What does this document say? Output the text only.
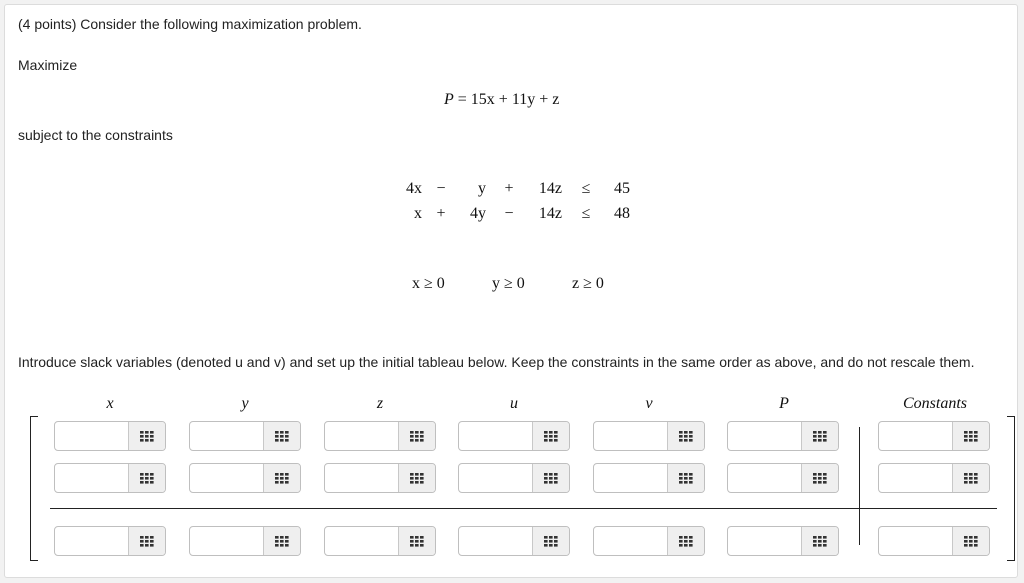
(4 points) Consider the following maximization problem.
Maximize
P = 15x + 11y + z
subject to the constraints
4x −	y +	14z	≤	45
x +	4y −	14z	≤	48
x ≥ 0	y ≥ 0	z ≥ 0
Introduce slack variables (denoted u and v) and set up the initial tableau below. Keep the constraints in the same order as above, and do not rescale them.
x	y	z	u	v	P	Constants
